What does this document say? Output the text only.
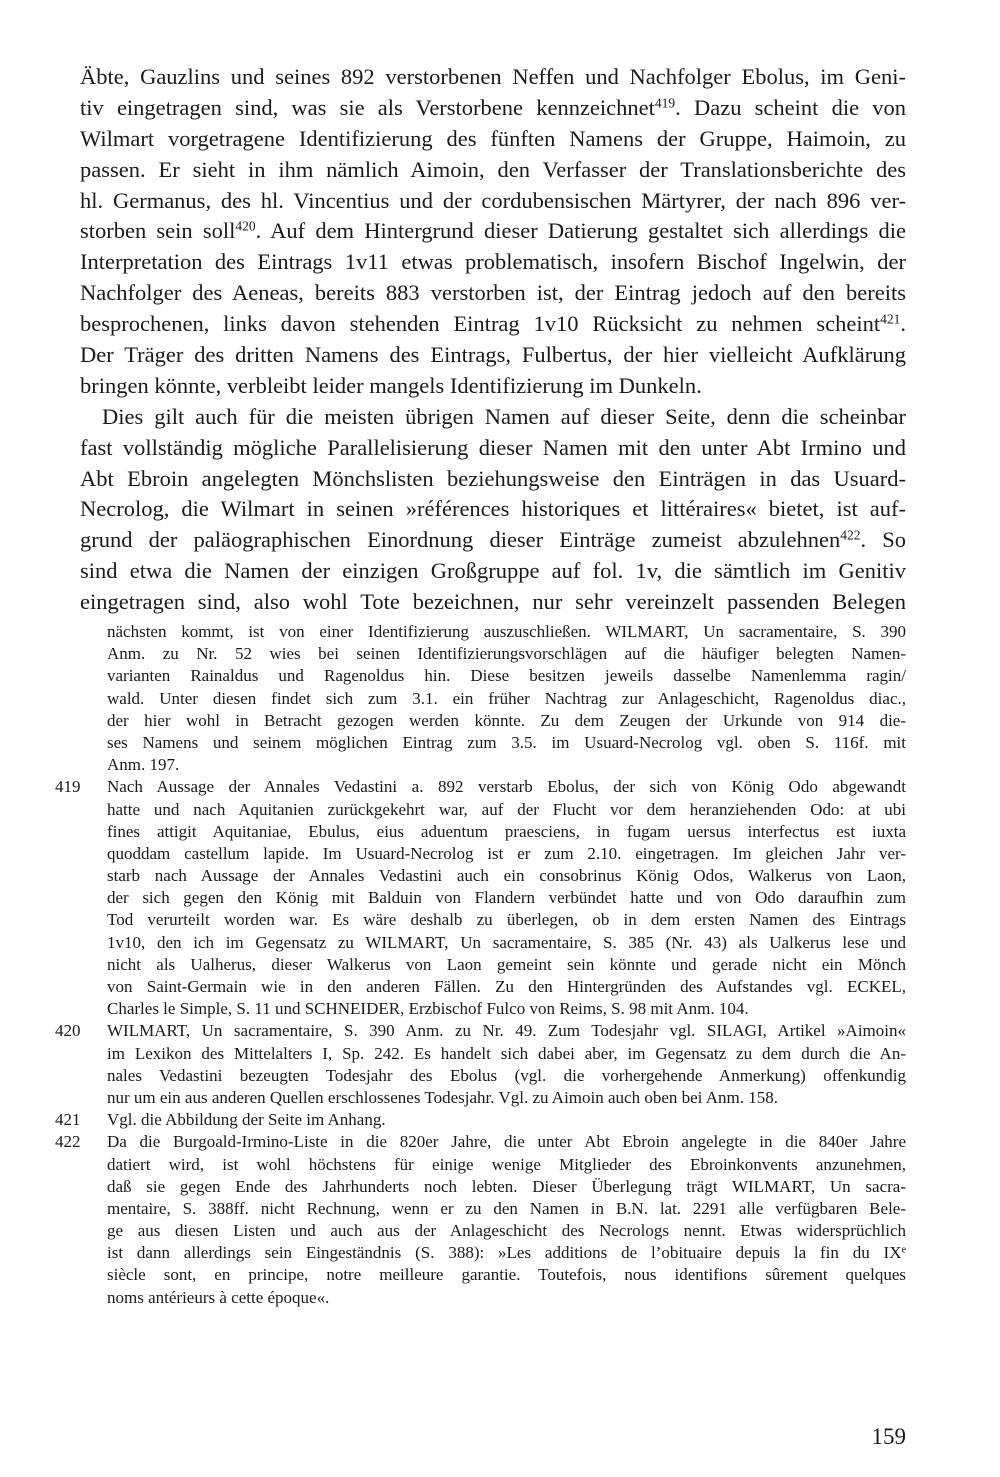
Äbte, Gauzlins und seines 892 verstorbenen Neffen und Nachfolger Ebolus, im Geni-
tiv eingetragen sind, was sie als Verstorbene kennzeichnet$^{419}$. Dazu scheint die von
Wilmart vorgetragene Identifizierung des fünften Namens der Gruppe, Haimoin, zu
passen. Er sieht in ihm nämlich Aimoin, den Verfasser der Translationsberichte des
hl. Germanus, des hl. Vincentius und der cordubensischen Märtyrer, der nach 896 ver-
storben sein soll$^{420}$. Auf dem Hintergrund dieser Datierung gestaltet sich allerdings die
Interpretation des Eintrags 1v11 etwas problematisch, insofern Bischof Ingelwin, der
Nachfolger des Aeneas, bereits 883 verstorben ist, der Eintrag jedoch auf den bereits
besprochenen, links davon stehenden Eintrag 1v10 Rücksicht zu nehmen scheint$^{421}$.
Der Träger des dritten Namens des Eintrags, Fulbertus, der hier vielleicht Aufklärung
bringen könnte, verbleibt leider mangels Identifizierung im Dunkeln.
Dies gilt auch für die meisten übrigen Namen auf dieser Seite, denn die scheinbar
fast vollständig mögliche Parallelisierung dieser Namen mit den unter Abt Irmino und
Abt Ebroin angelegten Mönchslisten beziehungsweise den Einträgen in das Usuard-
Necrolog, die Wilmart in seinen »références historiques et littéraires« bietet, ist auf-
grund der paläographischen Einordnung dieser Einträge zumeist abzulehnen$^{422}$. So
sind etwa die Namen der einzigen Großgruppe auf fol. 1v, die sämtlich im Genitiv
eingetragen sind, also wohl Tote bezeichnen, nur sehr vereinzelt passenden Belegen
nächsten kommt, ist von einer Identifizierung auszuschließen. WILMART, Un sacramentaire, S. 390
Anm. zu Nr. 52 wies bei seinen Identifizierungsvorschlägen auf die häufiger belegten Namen-
varianten Rainaldus und Ragenoldus hin. Diese besitzen jeweils dasselbe Namenlemma ragin/
wald. Unter diesen findet sich zum 3.1. ein früher Nachtrag zur Anlageschicht, Ragenoldus diac.,
der hier wohl in Betracht gezogen werden könnte. Zu dem Zeugen der Urkunde von 914 die-
ses Namens und seinem möglichen Eintrag zum 3.5. im Usuard-Necrolog vgl. oben S. 116f. mit
Anm. 197.
419 Nach Aussage der Annales Vedastini a. 892 verstarb Ebolus, der sich von König Odo abgewandt
hatte und nach Aquitanien zurückgekehrt war, auf der Flucht vor dem heranziehenden Odo: at ubi
fines attigit Aquitaniae, Ebulus, eius aduentum praesciens, in fugam uersus interfectus est iuxta
quoddam castellum lapide. Im Usuard-Necrolog ist er zum 2.10. eingetragen. Im gleichen Jahr ver-
starb nach Aussage der Annales Vedastini auch ein consobrinus König Odos, Walkerus von Laon,
der sich gegen den König mit Balduin von Flandern verbündet hatte und von Odo daraufhin zum
Tod verurteilt worden war. Es wäre deshalb zu überlegen, ob in dem ersten Namen des Eintrags
1v10, den ich im Gegensatz zu WILMART, Un sacramentaire, S. 385 (Nr. 43) als Ualkerus lese und
nicht als Ualherus, dieser Walkerus von Laon gemeint sein könnte und gerade nicht ein Mönch
von Saint-Germain wie in den anderen Fällen. Zu den Hintergründen des Aufstandes vgl. ECKEL,
Charles le Simple, S. 11 und SCHNEIDER, Erzbischof Fulco von Reims, S. 98 mit Anm. 104.
420 WILMART, Un sacramentaire, S. 390 Anm. zu Nr. 49. Zum Todesjahr vgl. SILAGI, Artikel »Aimoin«
im Lexikon des Mittelalters I, Sp. 242. Es handelt sich dabei aber, im Gegensatz zu dem durch die An-
nales Vedastini bezeugten Todesjahr des Ebolus (vgl. die vorhergehende Anmerkung) offenkundig
nur um ein aus anderen Quellen erschlossenes Todesjahr. Vgl. zu Aimoin auch oben bei Anm. 158.
421 Vgl. die Abbildung der Seite im Anhang.
422 Da die Burgoald-Irmino-Liste in die 820er Jahre, die unter Abt Ebroin angelegte in die 840er Jahre
datiert wird, ist wohl höchstens für einige wenige Mitglieder des Ebroinkonvents anzunehmen,
daß sie gegen Ende des Jahrhunderts noch lebten. Dieser Überlegung trägt WILMART, Un sacra-
mentaire, S. 388ff. nicht Rechnung, wenn er zu den Namen in B.N. lat. 2291 alle verfügbaren Bele-
ge aus diesen Listen und auch aus der Anlageschicht des Necrologs nennt. Etwas widersprüchlich
ist dann allerdings sein Eingeständnis (S. 388): »Les additions de l’obituaire depuis la fin du IXe
siècle sont, en principe, notre meilleure garantie. Toutefois, nous identifions sûrement quelques
noms antérieurs à cette époque«.
159
